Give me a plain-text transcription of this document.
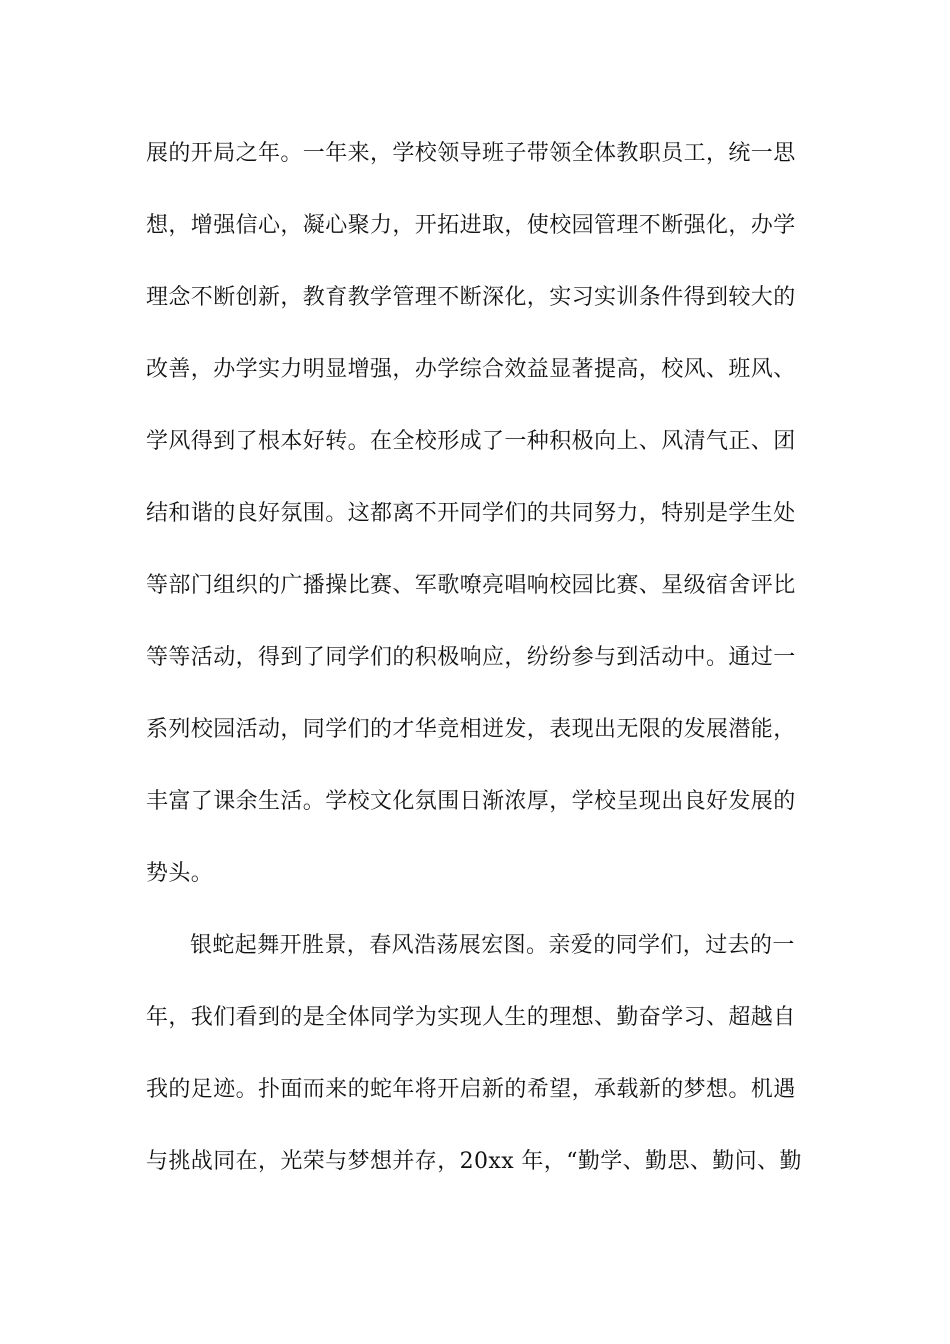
展的开局之年。一年来，学校领导班子带领全体教职员工，统一思
想，增强信心，凝心聚力，开拓进取，使校园管理不断强化，办学
理念不断创新，教育教学管理不断深化，实习实训条件得到较大的
改善，办学实力明显增强，办学综合效益显著提高，校风、班风、
学风得到了根本好转。在全校形成了一种积极向上、风清气正、团
结和谐的良好氛围。这都离不开同学们的共同努力，特别是学生处
等部门组织的广播操比赛、军歌嘹亮唱响校园比赛、星级宿舍评比
等等活动，得到了同学们的积极响应，纷纷参与到活动中。通过一
系列校园活动，同学们的才华竞相迸发，表现出无限的发展潜能，
丰富了课余生活。学校文化氛围日渐浓厚，学校呈现出良好发展的
势头。
银蛇起舞开胜景，春风浩荡展宏图。亲爱的同学们，过去的一
年，我们看到的是全体同学为实现人生的理想、勤奋学习、超越自
我的足迹。扑面而来的蛇年将开启新的希望，承载新的梦想。机遇
与挑战同在，光荣与梦想并存，20xx 年，“勤学、勤思、勤问、勤
